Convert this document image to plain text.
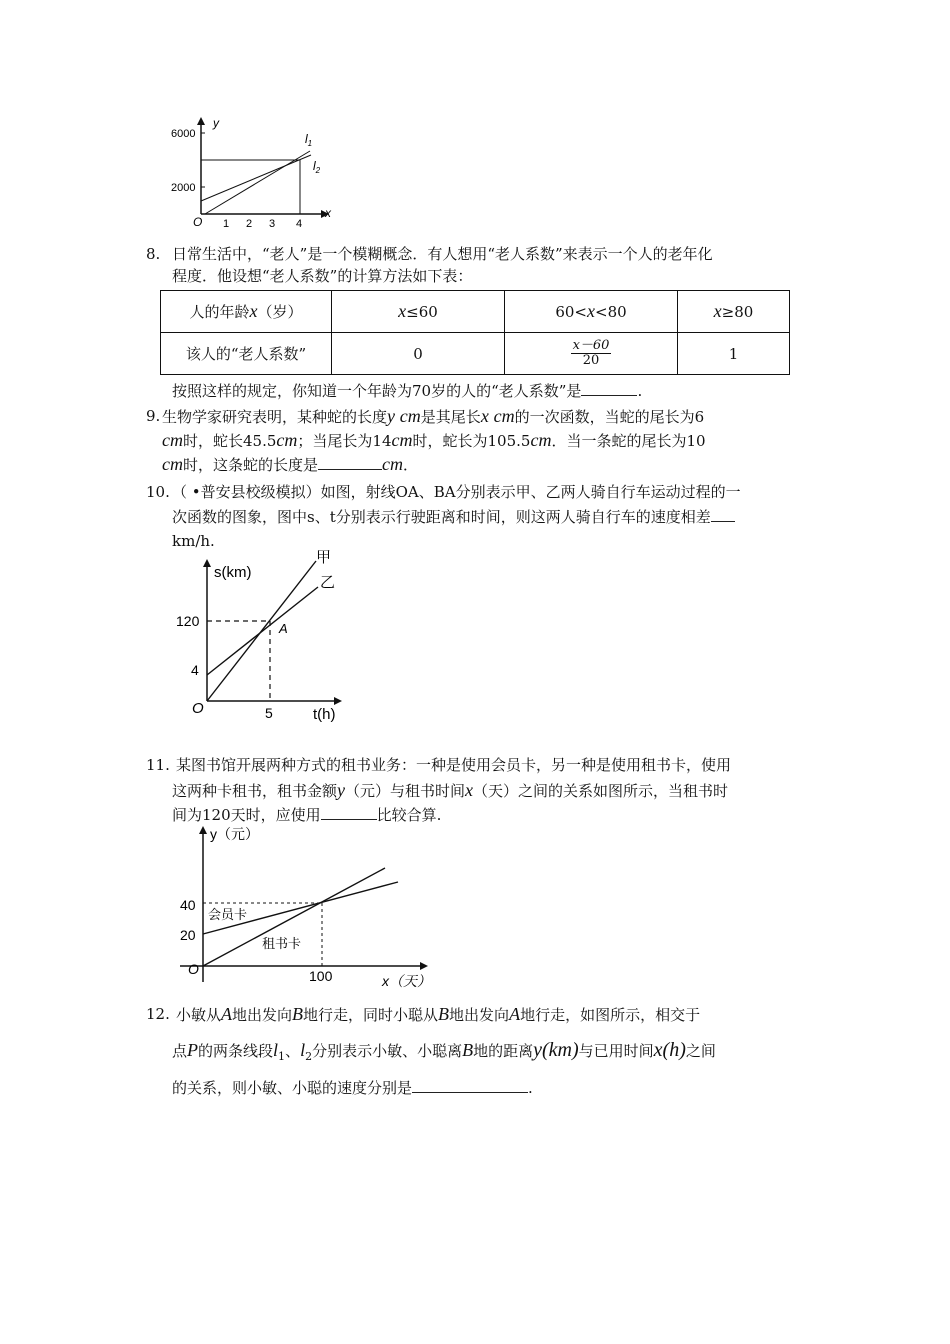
6000
2000
y
x
O 1 2 3 4
$l_1$
$l_2$
8. 日常生活中，“老人”是一个模糊概念．有人想用“老人系数”来表示一个人的老年化
程度．他设想“老人系数”的计算方法如下表：
人的年龄x（岁）	x≤60	60<x<80	x≥80
该人的“老人系数”	0	$\frac{x-60}{20}$	1
按照这样的规定，你知道一个年龄为70岁的人的“老人系数”是	.
9. 生物学家研究表明，某种蛇的长度y cm是其尾长x cm的一次函数，当蛇的尾长为6
cm时，蛇长45.5cm；当尾长为14cm时，蛇长为105.5cm．当一条蛇的尾长为10
cm时，这条蛇的长度是	cm．
10. （ •普安县校级模拟）如图，射线OA、BA分别表示甲、乙两人骑自行车运动过程的一
次函数的图象，图中s、t分别表示行驶距离和时间，则这两人骑自行车的速度相差
km/h.
s(km)
t(h)
O
120
4
5
A
甲
乙
11. 某图书馆开展两种方式的租书业务：一种是使用会员卡，另一种是使用租书卡，使用
这两种卡租书，租书金额y（元）与租书时间x（天）之间的关系如图所示，当租书时
间为120天时，应使用	比较合算.
y（元）
x（天）
O
40
20
100
会员卡
租书卡
12. 小敏从A地出发向B地行走，同时小聪从B地出发向A地行走，如图所示，相交于
点P的两条线段$l_1$、$l_2$分别表示小敏、小聪离B地的距离y(km)与已用时间x(h)之间
的关系，则小敏、小聪的速度分别是	.
